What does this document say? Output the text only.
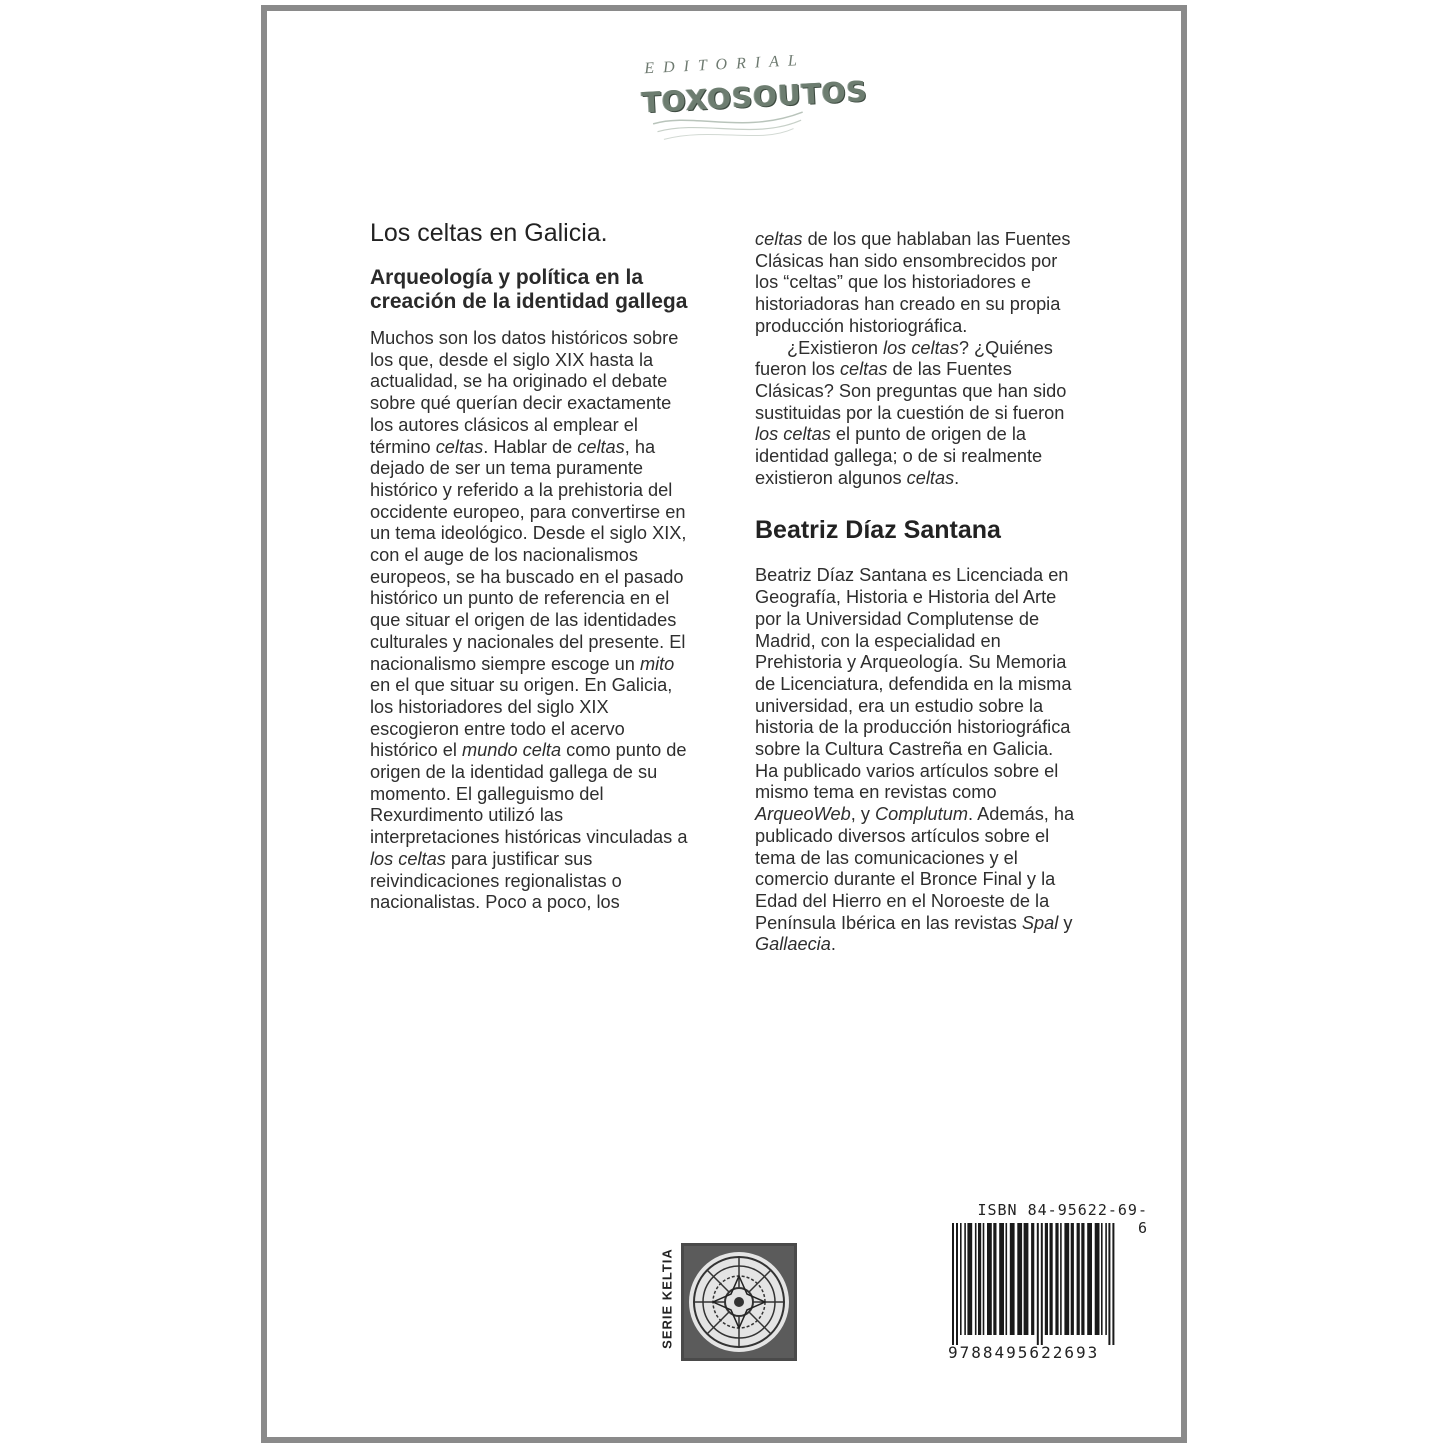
EDITORIAL
TOXOSOUTOS

Los celtas en Galicia.

Arqueología y política en la creación de la identidad gallega

Muchos son los datos históricos sobre los que, desde el siglo XIX hasta la actualidad, se ha originado el debate sobre qué querían decir exactamente los autores clásicos al emplear el término celtas. Hablar de celtas, ha dejado de ser un tema puramente histórico y referido a la prehistoria del occidente europeo, para convertirse en un tema ideológico. Desde el siglo XIX, con el auge de los nacionalismos europeos, se ha buscado en el pasado histórico un punto de referencia en el que situar el origen de las identidades culturales y nacionales del presente. El nacionalismo siempre escoge un mito en el que situar su origen. En Galicia, los historiadores del siglo XIX escogieron entre todo el acervo histórico el mundo celta como punto de origen de la identidad gallega de su momento. El galleguismo del Rexurdimento utilizó las interpretaciones históricas vinculadas a los celtas para justificar sus reivindicaciones regionalistas o nacionalistas. Poco a poco, los

celtas de los que hablaban las Fuentes Clásicas han sido ensombrecidos por los “celtas” que los historiadores e historiadoras han creado en su propia producción historiográfica.

¿Existieron los celtas? ¿Quiénes fueron los celtas de las Fuentes Clásicas? Son preguntas que han sido sustituidas por la cuestión de si fueron los celtas el punto de origen de la identidad gallega; o de si realmente existieron algunos celtas.

Beatriz Díaz Santana

Beatriz Díaz Santana es Licenciada en Geografía, Historia e Historia del Arte por la Universidad Complutense de Madrid, con la especialidad en Prehistoria y Arqueología. Su Memoria de Licenciatura, defendida en la misma universidad, era un estudio sobre la historia de la producción historiográfica sobre la Cultura Castreña en Galicia. Ha publicado varios artículos sobre el mismo tema en revistas como ArqueoWeb, y Complutum. Además, ha publicado diversos artículos sobre el tema de las comunicaciones y el comercio durante el Bronce Final y la Edad del Hierro en el Noroeste de la Península Ibérica en las revistas Spal y Gallaecia.

SERIE KELTIA
ISBN 84-95622-69-6
9788495622693
